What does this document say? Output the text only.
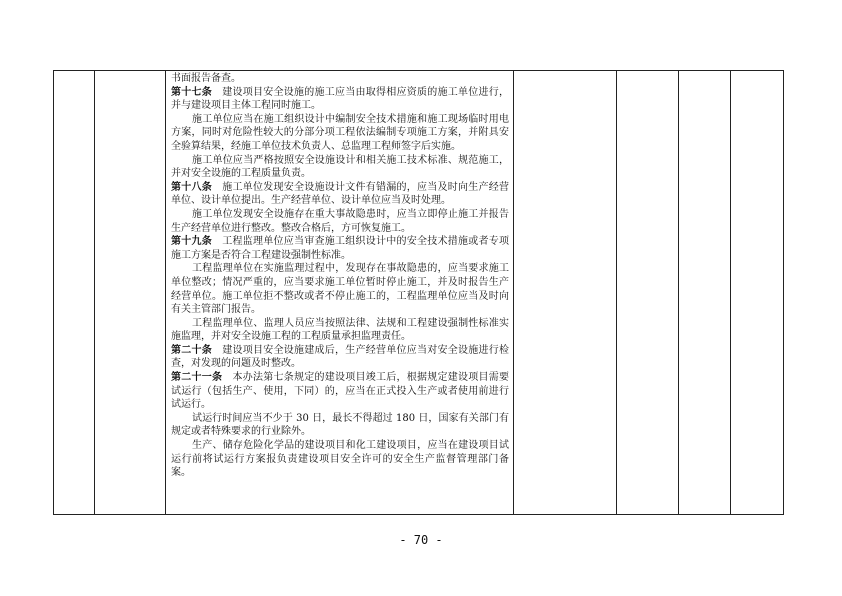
书面报告备查。

第十七条　建设项目安全设施的施工应当由取得相应资质的施工单位进行，并与建设项目主体工程同时施工。

施工单位应当在施工组织设计中编制安全技术措施和施工现场临时用电方案，同时对危险性较大的分部分项工程依法编制专项施工方案，并附具安全验算结果，经施工单位技术负责人、总监理工程师签字后实施。

施工单位应当严格按照安全设施设计和相关施工技术标准、规范施工，并对安全设施的工程质量负责。

第十八条　施工单位发现安全设施设计文件有错漏的，应当及时向生产经营单位、设计单位提出。生产经营单位、设计单位应当及时处理。

施工单位发现安全设施存在重大事故隐患时，应当立即停止施工并报告生产经营单位进行整改。整改合格后，方可恢复施工。

第十九条　工程监理单位应当审查施工组织设计中的安全技术措施或者专项施工方案是否符合工程建设强制性标准。

工程监理单位在实施监理过程中，发现存在事故隐患的，应当要求施工单位整改；情况严重的，应当要求施工单位暂时停止施工，并及时报告生产经营单位。施工单位拒不整改或者不停止施工的，工程监理单位应当及时向有关主管部门报告。

工程监理单位、监理人员应当按照法律、法规和工程建设强制性标准实施监理，并对安全设施工程的工程质量承担监理责任。

第二十条　建设项目安全设施建成后，生产经营单位应当对安全设施进行检查，对发现的问题及时整改。

第二十一条　本办法第七条规定的建设项目竣工后，根据规定建设项目需要试运行（包括生产、使用，下同）的，应当在正式投入生产或者使用前进行试运行。

试运行时间应当不少于 30 日，最长不得超过 180 日，国家有关部门有规定或者特殊要求的行业除外。

生产、储存危险化学品的建设项目和化工建设项目，应当在建设项目试运行前将试运行方案报负责建设项目安全许可的安全生产监督管理部门备案。

- 70 -
